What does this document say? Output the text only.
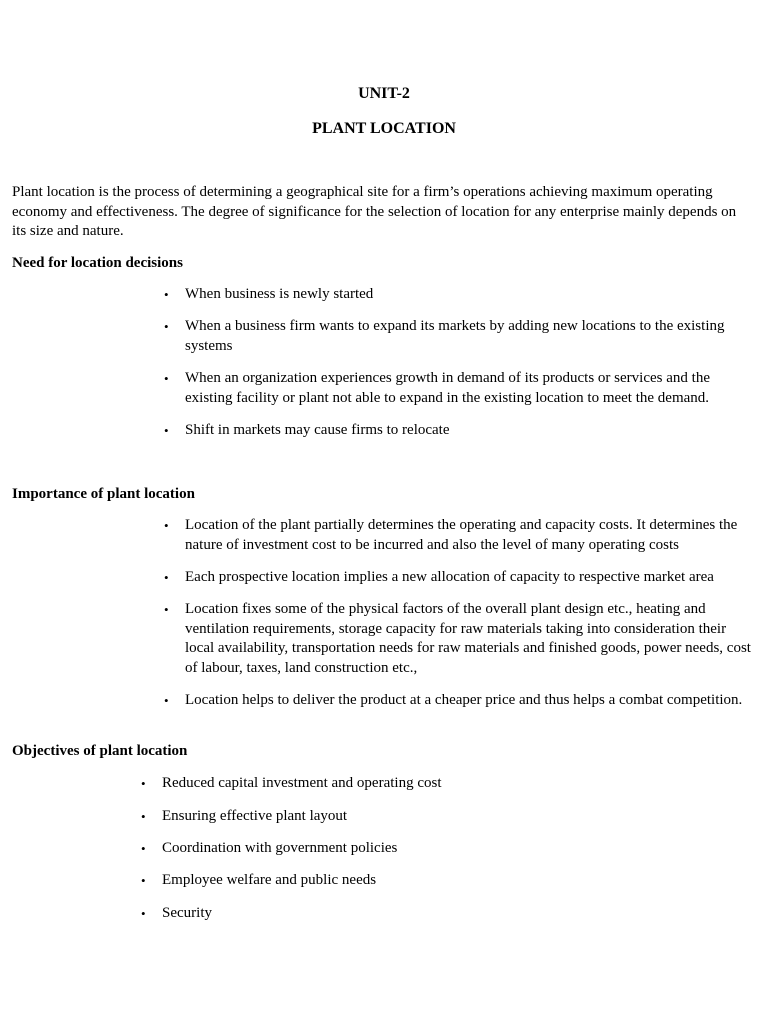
UNIT-2
PLANT LOCATION

Plant location is the process of determining a geographical site for a firm’s operations achieving maximum operating economy and effectiveness. The degree of significance for the selection of location for any enterprise mainly depends on its size and nature.

Need for location decisions
• When business is newly started
• When a business firm wants to expand its markets by adding new locations to the existing systems
• When an organization experiences growth in demand of its products or services and the existing facility or plant not able to expand in the existing location to meet the demand.
• Shift in markets may cause firms to relocate
Importance of plant location
• Location of the plant partially determines the operating and capacity costs. It determines the nature of investment cost to be incurred and also the level of many operating costs
• Each prospective location implies a new allocation of capacity to respective market area
• Location fixes some of the physical factors of the overall plant design etc., heating and ventilation requirements, storage capacity for raw materials taking into consideration their local availability, transportation needs for raw materials and finished goods, power needs, cost of labour, taxes, land construction etc.,
• Location helps to deliver the product at a cheaper price and thus helps a combat competition.
Objectives of plant location
• Reduced capital investment and operating cost
• Ensuring effective plant layout
• Coordination with government policies
• Employee welfare and public needs
• Security
